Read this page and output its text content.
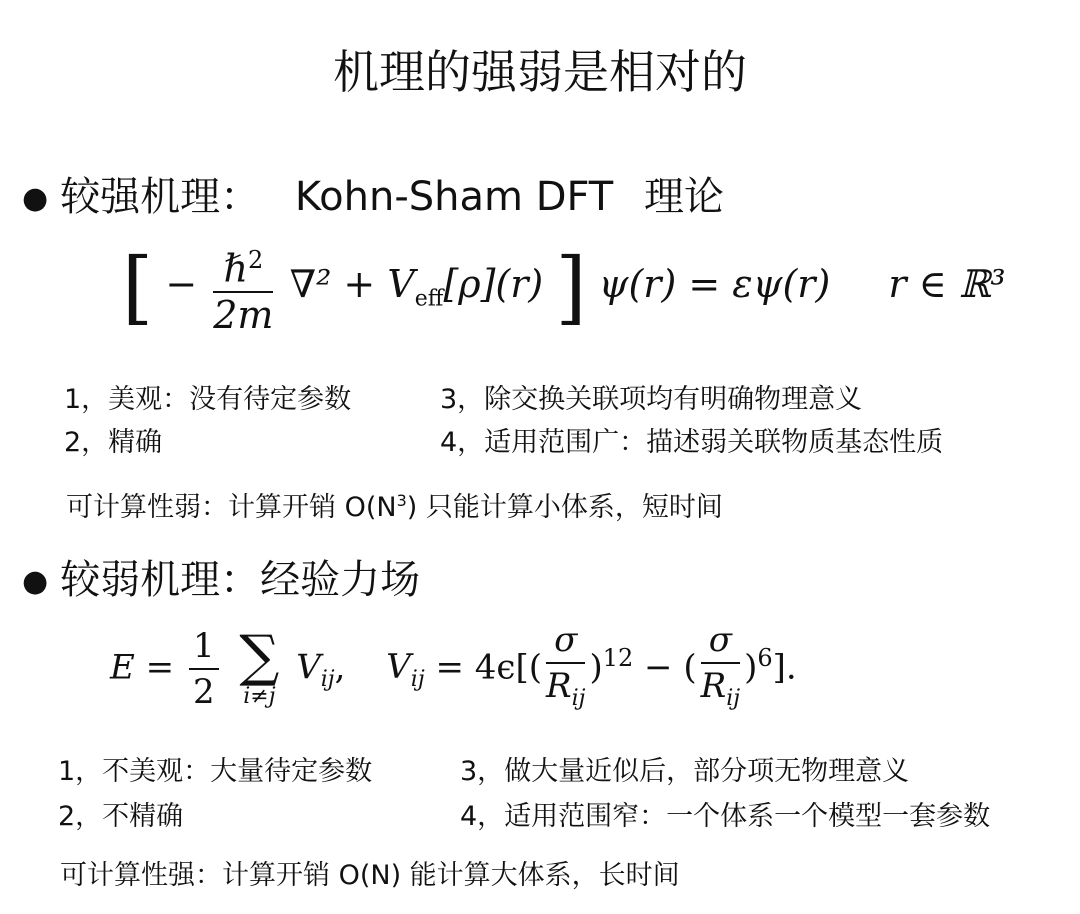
机理的强弱是相对的
● 较强机理： Kohn-Sham DFT 理论
[ − $\frac{\hbar^2}{2m} \nabla^2 + V_{eff}[\rho](r)$ ] ψ(r) = εψ(r) r ∈ ℝ³
1，美观：没有待定参数
2，精确
3，除交换关联项均有明确物理意义
4，适用范围广：描述弱关联物质基态性质
可计算性弱：计算开销 $O(N^3)$ 只能计算小体系，短时间
● 较弱机理：经验力场
$E = \frac{1}{2}$
∑
i≠j
$V_{ij}$, $V_{ij} = 4\epsilon[( \frac{\sigma}{R_{ij}} )^{12}$ − ( $\frac{\sigma}{R_{ij}} )^6$].
1，不美观：大量待定参数
2，不精确
3，做大量近似后，部分项无物理意义
4，适用范围窄：一个体系一个模型一套参数
可计算性强：计算开销 O(N) 能计算大体系，长时间
